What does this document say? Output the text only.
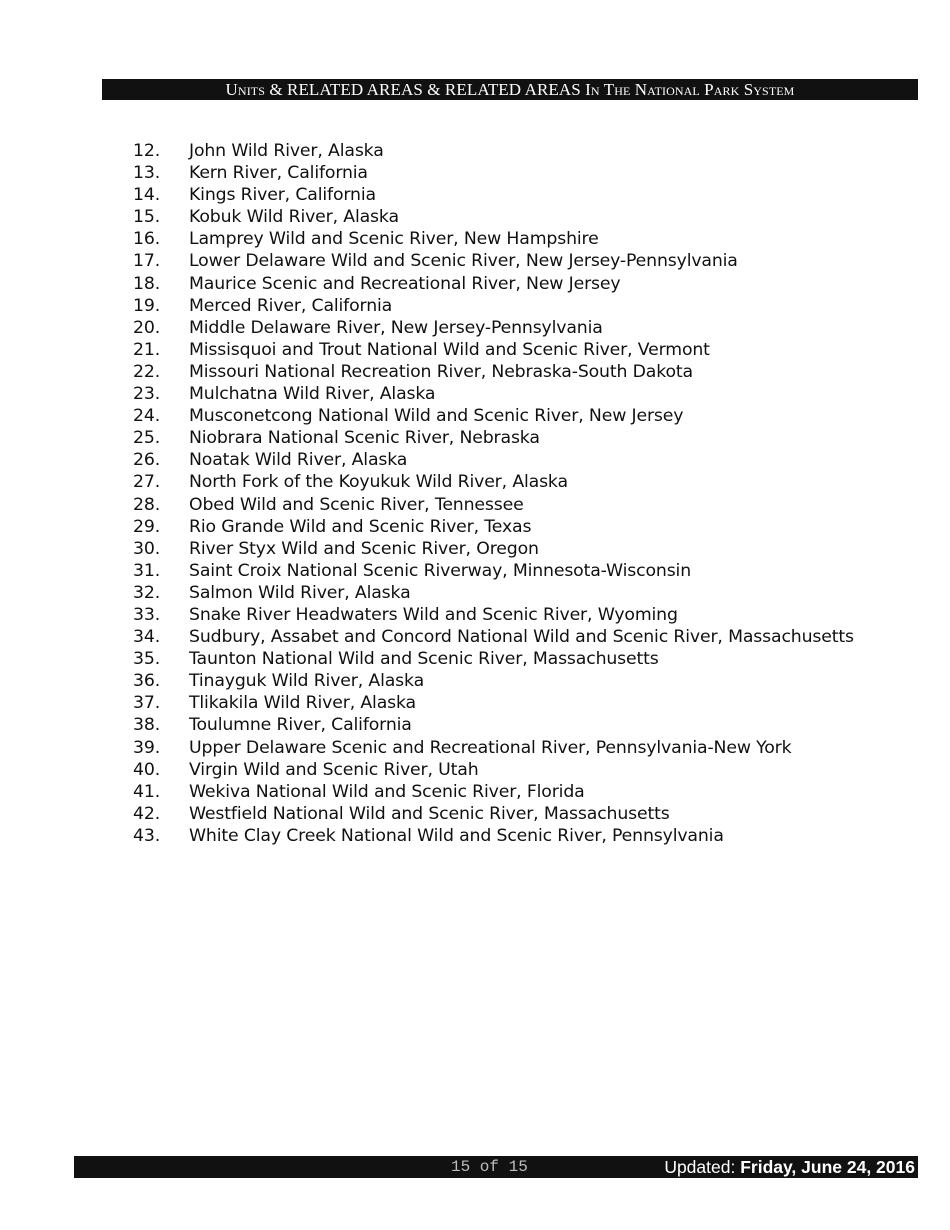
Units & RELATED AREAS & RELATED AREAS In The National Park System
12. John Wild River, Alaska
13. Kern River, California
14. Kings River, California
15. Kobuk Wild River, Alaska
16. Lamprey Wild and Scenic River, New Hampshire
17. Lower Delaware Wild and Scenic River, New Jersey-Pennsylvania
18. Maurice Scenic and Recreational River, New Jersey
19. Merced River, California
20. Middle Delaware River, New Jersey-Pennsylvania
21. Missisquoi and Trout National Wild and Scenic River, Vermont
22. Missouri National Recreation River, Nebraska-South Dakota
23. Mulchatna Wild River, Alaska
24. Musconetcong National Wild and Scenic River, New Jersey
25. Niobrara National Scenic River, Nebraska
26. Noatak Wild River, Alaska
27. North Fork of the Koyukuk Wild River, Alaska
28. Obed Wild and Scenic River, Tennessee
29. Rio Grande Wild and Scenic River, Texas
30. River Styx Wild and Scenic River, Oregon
31. Saint Croix National Scenic Riverway, Minnesota-Wisconsin
32. Salmon Wild River, Alaska
33. Snake River Headwaters Wild and Scenic River, Wyoming
34. Sudbury, Assabet and Concord National Wild and Scenic River, Massachusetts
35. Taunton National Wild and Scenic River, Massachusetts
36. Tinayguk Wild River, Alaska
37. Tlikakila Wild River, Alaska
38. Toulumne River, California
39. Upper Delaware Scenic and Recreational River, Pennsylvania-New York
40. Virgin Wild and Scenic River, Utah
41. Wekiva National Wild and Scenic River, Florida
42. Westfield National Wild and Scenic River, Massachusetts
43. White Clay Creek National Wild and Scenic River, Pennsylvania
15 of 15	Updated: Friday, June 24, 2016
